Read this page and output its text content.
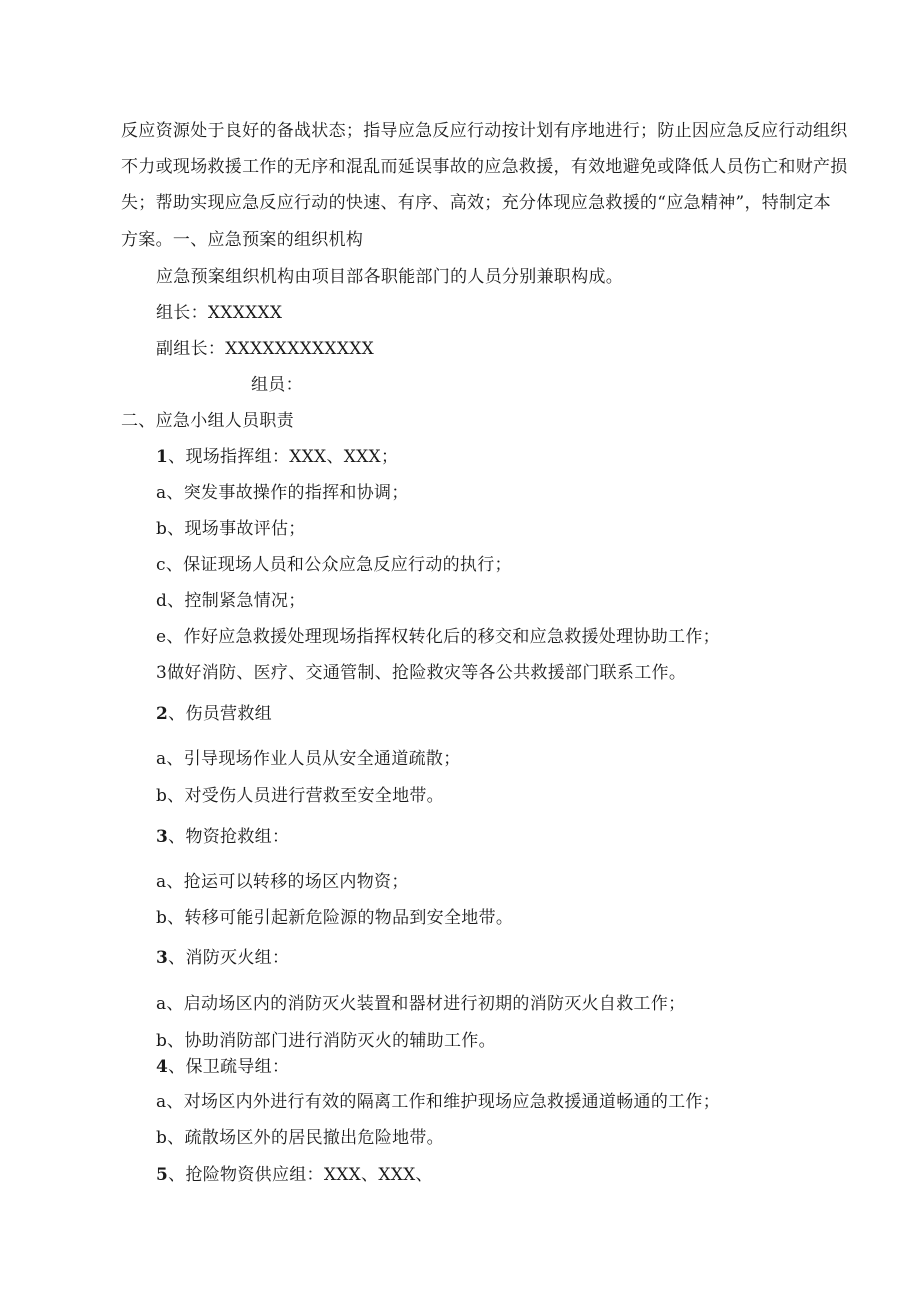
反应资源处于良好的备战状态；指导应急反应行动按计划有序地进行；防止因应急反应行动组织
不力或现场救援工作的无序和混乱而延误事故的应急救援，有效地避免或降低人员伤亡和财产损
失；帮助实现应急反应行动的快速、有序、高效；充分体现应急救援的“应急精神”，特制定本
方案。一、应急预案的组织机构
应急预案组织机构由项目部各职能部门的人员分别兼职构成。
组长：XXXXXX
副组长：XXXXXXXXXXXX
组员：
二、应急小组人员职责
1、现场指挥组：XXX、XXX；
a、突发事故操作的指挥和协调；
b、现场事故评估；
c、保证现场人员和公众应急反应行动的执行；
d、控制紧急情况；
e、作好应急救援处理现场指挥权转化后的移交和应急救援处理协助工作；
3做好消防、医疗、交通管制、抢险救灾等各公共救援部门联系工作。
2、伤员营救组
a、引导现场作业人员从安全通道疏散；
b、对受伤人员进行营救至安全地带。
3、物资抢救组：
a、抢运可以转移的场区内物资；
b、转移可能引起新危险源的物品到安全地带。
3、消防灭火组：
a、启动场区内的消防灭火装置和器材进行初期的消防灭火自救工作；
b、协助消防部门进行消防灭火的辅助工作。
4、保卫疏导组：
a、对场区内外进行有效的隔离工作和维护现场应急救援通道畅通的工作；
b、疏散场区外的居民撤出危险地带。
5、抢险物资供应组：XXX、XXX、
